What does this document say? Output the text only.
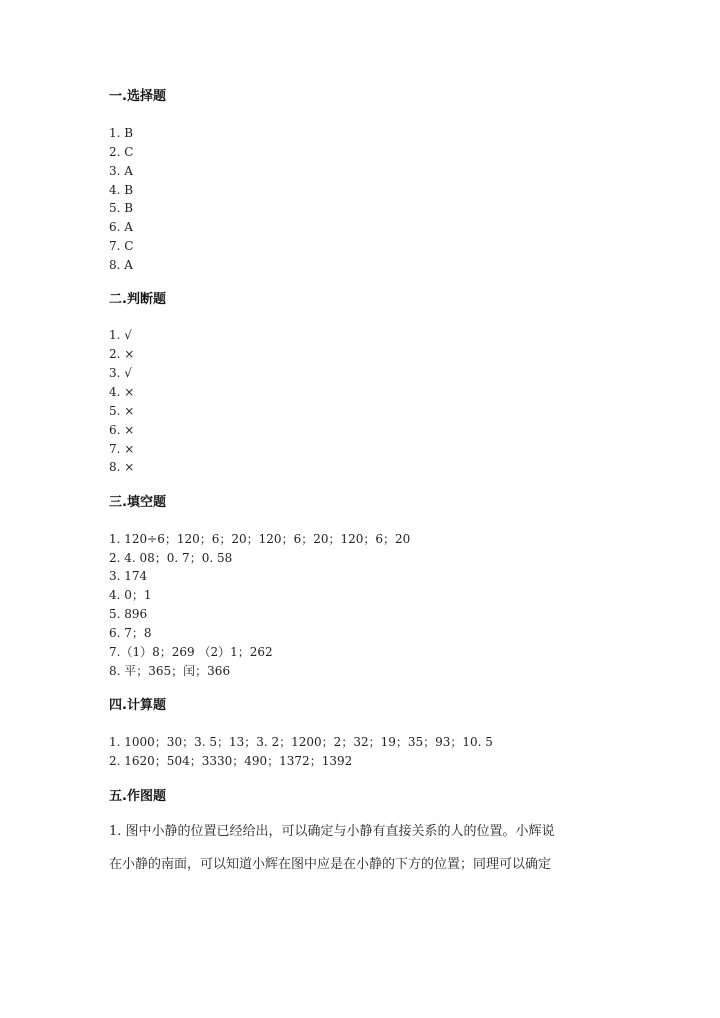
一.选择题
1. B
2. C
3. A
4. B
5. B
6. A
7. C
8. A
二.判断题
1. √
2. ×
3. √
4. ×
5. ×
6. ×
7. ×
8. ×
三.填空题
1. 120÷6；120；6；20；120；6；20；120；6；20
2. 4. 08；0. 7；0. 58
3. 174
4. 0；1
5. 896
6. 7；8
7.（1）8；269 （2）1；262
8. 平；365；闰；366
四.计算题
1. 1000；30；3. 5；13；3. 2；1200；2；32；19；35；93；10. 5
2. 1620；504；3330；490；1372；1392
五.作图题
1. 图中小静的位置已经给出，可以确定与小静有直接关系的人的位置。小辉说
在小静的南面，可以知道小辉在图中应是在小静的下方的位置；同理可以确定
